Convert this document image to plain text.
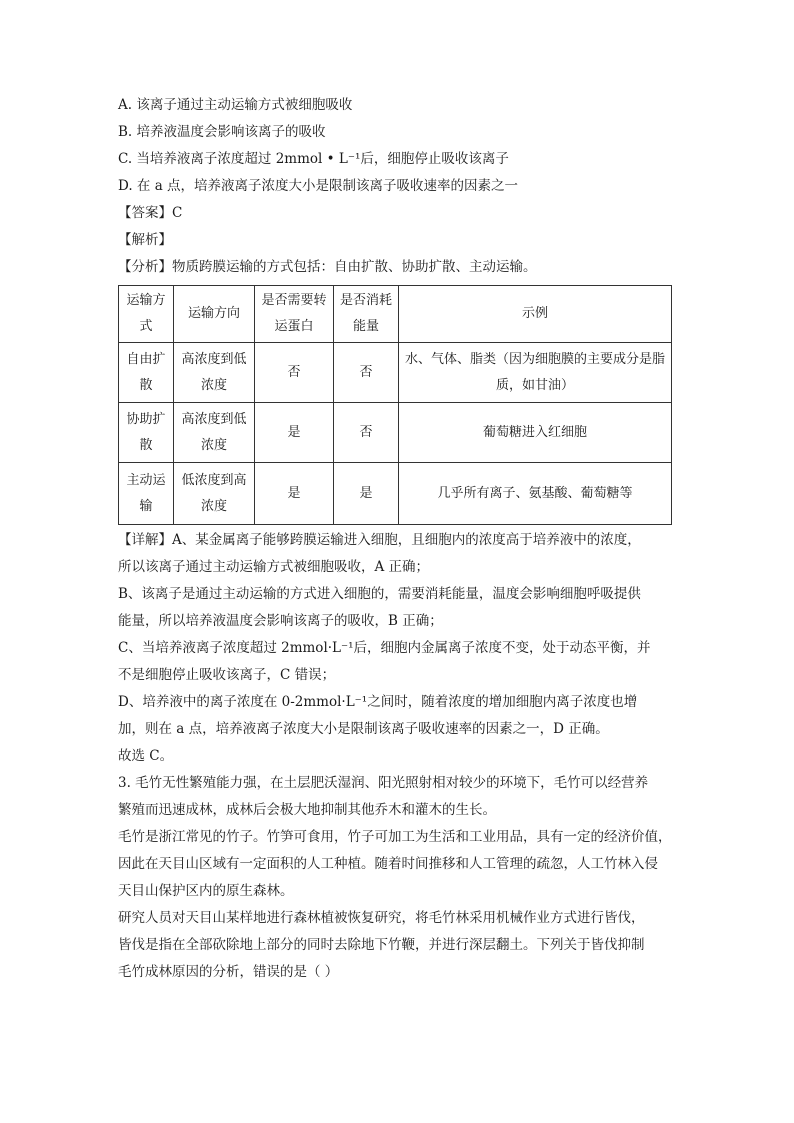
A. 该离子通过主动运输方式被细胞吸收
B. 培养液温度会影响该离子的吸收
C. 当培养液离子浓度超过 2mmol • L⁻¹后，细胞停止吸收该离子
D. 在 a 点，培养液离子浓度大小是限制该离子吸收速率的因素之一
【答案】C
【解析】
【分析】物质跨膜运输的方式包括：自由扩散、协助扩散、主动运输。
运输方式	运输方向	是否需要转运蛋白	是否消耗能量	示例
自由扩散	高浓度到低浓度	否	否	水、气体、脂类（因为细胞膜的主要成分是脂质，如甘油）
协助扩散	高浓度到低浓度	是	否	葡萄糖进入红细胞
主动运输	低浓度到高浓度	是	是	几乎所有离子、氨基酸、葡萄糖等
【详解】A、某金属离子能够跨膜运输进入细胞，且细胞内的浓度高于培养液中的浓度，
所以该离子通过主动运输方式被细胞吸收，A 正确；
B、该离子是通过主动运输的方式进入细胞的，需要消耗能量，温度会影响细胞呼吸提供
能量，所以培养液温度会影响该离子的吸收，B 正确；
C、当培养液离子浓度超过 2mmol·L⁻¹后，细胞内金属离子浓度不变，处于动态平衡，并
不是细胞停止吸收该离子，C 错误；
D、培养液中的离子浓度在 0-2mmol·L⁻¹之间时，随着浓度的增加细胞内离子浓度也增
加，则在 a 点，培养液离子浓度大小是限制该离子吸收速率的因素之一，D 正确。
故选 C。
3. 毛竹无性繁殖能力强，在土层肥沃湿润、阳光照射相对较少的环境下，毛竹可以经营养
繁殖而迅速成林，成林后会极大地抑制其他乔木和灌木的生长。
毛竹是浙江常见的竹子。竹笋可食用，竹子可加工为生活和工业用品，具有一定的经济价值，
因此在天目山区域有一定面积的人工种植。随着时间推移和人工管理的疏忽，人工竹林入侵
天目山保护区内的原生森林。
研究人员对天目山某样地进行森林植被恢复研究，将毛竹林采用机械作业方式进行皆伐，
皆伐是指在全部砍除地上部分的同时去除地下竹鞭，并进行深层翻土。下列关于皆伐抑制
毛竹成林原因的分析，错误的是（ ）
